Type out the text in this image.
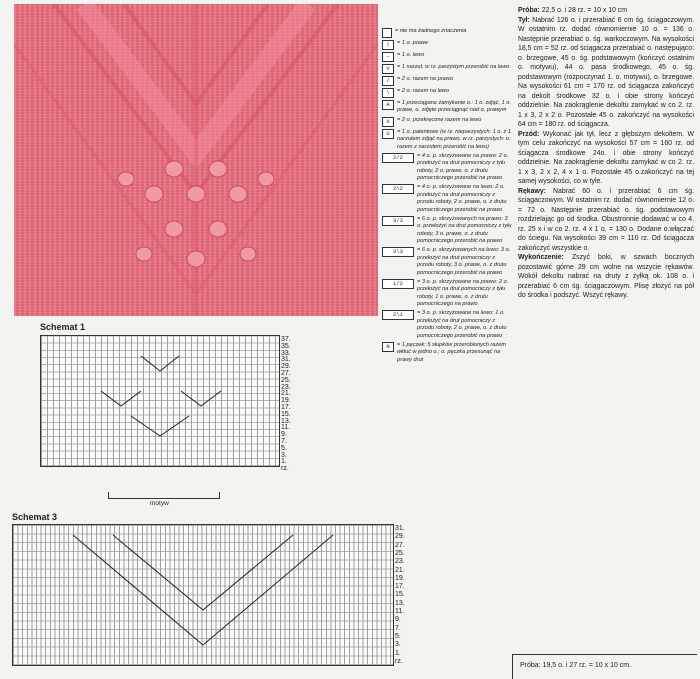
Schemat 1
37.
35.
33.
31.
29.
27.
25.
23.
21.
19.
17.
15.
13.
11.
9.
7.
5.
3.
1.
rz.
motyw
Schemat 3
31.
29.
27.
25.
23.
21.
19.
17.
15.
13.
11.
9.
7.
5.
3.
1.
rz.
= nie ma żadnego znaczenia
|	= 1 o. prawe
–	= 1 o. lewo
V	= 1 narzut, w rz. parzystym przerobić na lewo
/	= 2 o. razem na prawo
\	= 2 o. razem na lewo
A	= 1 przeciągane zamykanie o.: 1 o. zdjąć, 1 o. prawe, o. zdjęte przeciągnąć nad o. prawym
X	= 2 o. przekręcone razem na lewo
U	= 1 o. patentowe (w rz. nieparzystych: 1 o. z 1 narzutem zdjąć na prawo, w rz. parzystych: o. razem z narzutem przerobić na lewo)
2/2	= 4 o. p. skrzyżowane na prawo: 2 o. przełożyć na drut pomocniczy z tyłu roboty, 2 o. prawe, o. z drutu pomocniczego przerobić na prawo
2\2	= 4 o. p. skrzyżowane na lewo: 2 o. przełożyć na drut pomocniczy z przodu roboty, 2 o. prawe, o. z drutu pomocniczego przerobić na prawo
3/3	= 6 o. p. skrzyżowanych na prawo: 3 o. przełożyć na drut pomocniczy z tyłu roboty, 3 o. prawe, o. z drutu pomocniczego przerobić na prawo
3\3	= 6 o. p. skrzyżowanych na lewo: 3 o. przełożyć na drut pomocniczy z przodu roboty, 3 o. prawe, o. z drutu pomocniczego przerobić na prawo
1/2	= 3 o. p. skrzyżowane na prawo: 2 o. przełożyć na drut pomocniczy z tyłu roboty, 1 o. prawe, o. z drutu pomocniczego na prawo
2\1	= 3 o. p. skrzyżowane na lewo: 1 o. przełożyć na drut pomocniczy z przodu roboty, 2 o. prawe, o. z drutu pomocniczego przerobić na prawo
N	= 1 pęczek: 5 słupków przerobionych razem wkłuć w jedno o.; o. pęczka przesunąć na prawy drut

Próba: 22,5 o. i 28 rz. = 10 x 10 cm

Tył: Nabrać 126 o. i przerabiać 6 cm śg. ściągaczowym. W ostatnim rz. dodać równomiernie 10 o. = 136 o. Następnie przerabiać o. śg. warkoczowym. Na wysokości 18,5 cm = 52 rz. od ściągacza przerabiać o. następująco: o. brzegowe, 45 o. śg. podstawowym (kończyć ostatnim o. motywu), 44 o. pasa środkowego, 45 o. śg. podstawowym (rozpoczynać 1. o. motywu), o. brzegowe. Na wysokości 61 cm = 170 rz. od ściągacza zakończyć na dekolt środkowe 32 o. i obie strony kończyć oddzielnie. Na zaokrąglenie dekoltu zamykać w co 2. rz. 1 x 3, 2 x 2 o. Pozostałe 45 o. zakończyć na wysokości 64 cm = 180 rz. od ściągacza.

Przód: Wykonać jak tył, lecz z głębszym dekoltem. W tym celu zakończyć na wysokości 57 cm = 160 rz. od ściągacza środkowe 24o. i obie strony kończyć oddzielnie. Na zaokrąglenie dekoltu zamykać w co 2. rz. 1 x 3, 2 x 2, 4 x 1 o. Pozostałe 45 o.zakończyć na tej samej wysokości, co w tyle.

Rękawy: Nabrać 60 o. i przerabiać 6 cm śg. ściągaczowym. W ostatnim rz. dodać równomiernie 12 o. = 72 o. Następnie przerabiać o. śg. podstawowym rozdzielając go od środka. Obustronnie dodawać w co 4. rz. 25 x i w co 2. rz. 4 x 1 o. = 130 o. Dodane o.włączać do ściegu. Na wysokości 39 cm = 110 rz. Od ściągacza zakończyć wszystkie o.

Wykończenie: Zszyć boki, w szwach bocznych pozostawić górne 29 cm wolne na wszycie rękawów. Wokół dekoltu nabrać na druty z żyłką ok. 108 o. i przerabiać 6 cm śg. ściągaczowym. Plisę złożyć na pół do środka i podszyć. Wszyć rękawy.

Próba: 19,5 o. i 27 rz. = 10 x 10 cm.
